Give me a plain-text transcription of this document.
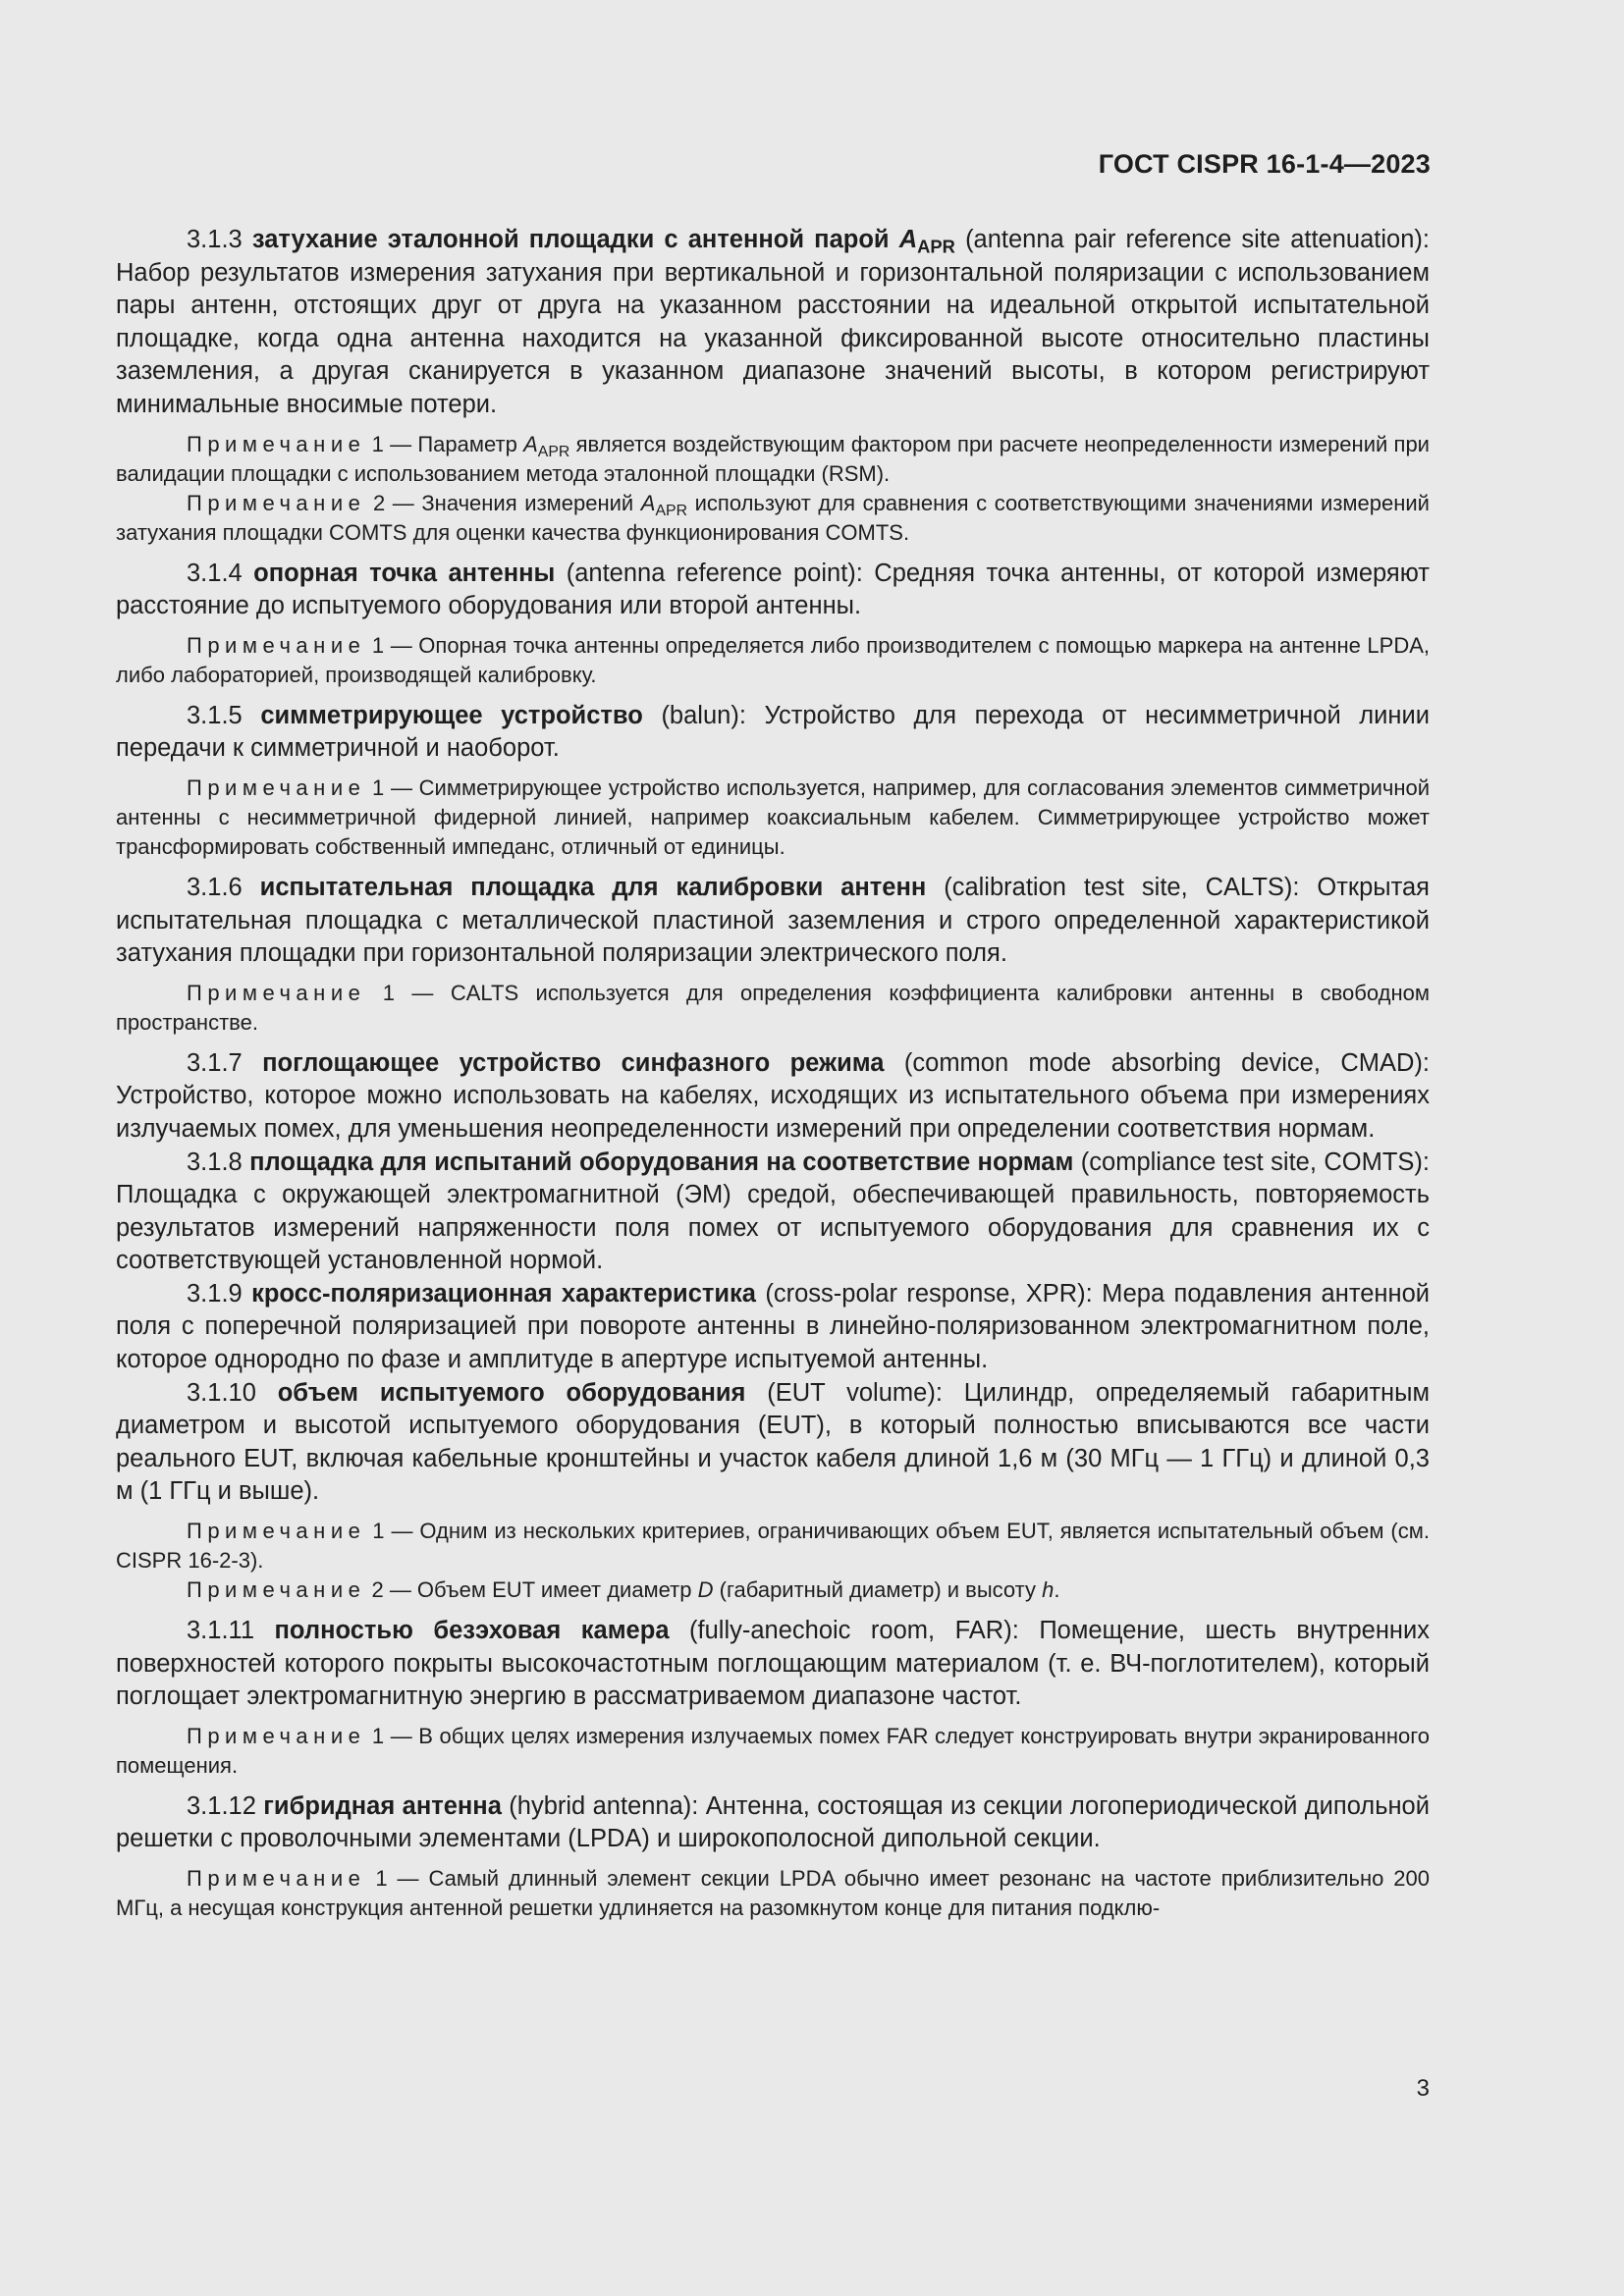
ГОСТ CISPR 16-1-4—2023

3.1.3 затухание эталонной площадки с антенной парой $A_{APR}$ (antenna pair reference site attenuation): Набор результатов измерения затухания при вертикальной и горизонтальной поляризации с использованием пары антенн, отстоящих друг от друга на указанном расстоянии на идеальной открытой испытательной площадке, когда одна антенна находится на указанной фиксированной высоте относительно пластины заземления, а другая сканируется в указанном диапазоне значений высоты, в котором регистрируют минимальные вносимые потери.

Примечание 1 — Параметр $A_{APR}$ является воздействующим фактором при расчете неопределенности измерений при валидации площадки с использованием метода эталонной площадки (RSM).

Примечание 2 — Значения измерений $A_{APR}$ используют для сравнения с соответствующими значениями измерений затухания площадки COMTS для оценки качества функционирования COMTS.

3.1.4 опорная точка антенны (antenna reference point): Средняя точка антенны, от которой измеряют расстояние до испытуемого оборудования или второй антенны.

Примечание 1 — Опорная точка антенны определяется либо производителем с помощью маркера на антенне LPDA, либо лабораторией, производящей калибровку.

3.1.5 симметрирующее устройство (balun): Устройство для перехода от несимметричной линии передачи к симметричной и наоборот.

Примечание 1 — Симметрирующее устройство используется, например, для согласования элементов симметричной антенны с несимметричной фидерной линией, например коаксиальным кабелем. Симметрирующее устройство может трансформировать собственный импеданс, отличный от единицы.

3.1.6 испытательная площадка для калибровки антенн (calibration test site, CALTS): Открытая испытательная площадка с металлической пластиной заземления и строго определенной характеристикой затухания площадки при горизонтальной поляризации электрического поля.

Примечание 1 — CALTS используется для определения коэффициента калибровки антенны в свободном пространстве.

3.1.7 поглощающее устройство синфазного режима (common mode absorbing device, CMAD): Устройство, которое можно использовать на кабелях, исходящих из испытательного объема при измерениях излучаемых помех, для уменьшения неопределенности измерений при определении соответствия нормам.

3.1.8 площадка для испытаний оборудования на соответствие нормам (compliance test site, COMTS): Площадка с окружающей электромагнитной (ЭМ) средой, обеспечивающей правильность, повторяемость результатов измерений напряженности поля помех от испытуемого оборудования для сравнения их с соответствующей установленной нормой.

3.1.9 кросс-поляризационная характеристика (cross-polar response, XPR): Мера подавления антенной поля с поперечной поляризацией при повороте антенны в линейно-поляризованном электромагнитном поле, которое однородно по фазе и амплитуде в апертуре испытуемой антенны.

3.1.10 объем испытуемого оборудования (EUT volume): Цилиндр, определяемый габаритным диаметром и высотой испытуемого оборудования (EUT), в который полностью вписываются все части реального EUT, включая кабельные кронштейны и участок кабеля длиной 1,6 м (30 МГц — 1 ГГц) и длиной 0,3 м (1 ГГц и выше).

Примечание 1 — Одним из нескольких критериев, ограничивающих объем EUT, является испытательный объем (см. CISPR 16-2-3).

Примечание 2 — Объем EUT имеет диаметр D (габаритный диаметр) и высоту h.

3.1.11 полностью безэховая камера (fully-anechoic room, FAR): Помещение, шесть внутренних поверхностей которого покрыты высокочастотным поглощающим материалом (т. е. ВЧ-поглотителем), который поглощает электромагнитную энергию в рассматриваемом диапазоне частот.

Примечание 1 — В общих целях измерения излучаемых помех FAR следует конструировать внутри экранированного помещения.

3.1.12 гибридная антенна (hybrid antenna): Антенна, состоящая из секции логопериодической дипольной решетки с проволочными элементами (LPDA) и широкополосной дипольной секции.

Примечание 1 — Самый длинный элемент секции LPDA обычно имеет резонанс на частоте приблизительно 200 МГц, а несущая конструкция антенной решетки удлиняется на разомкнутом конце для питания подклю-

3
